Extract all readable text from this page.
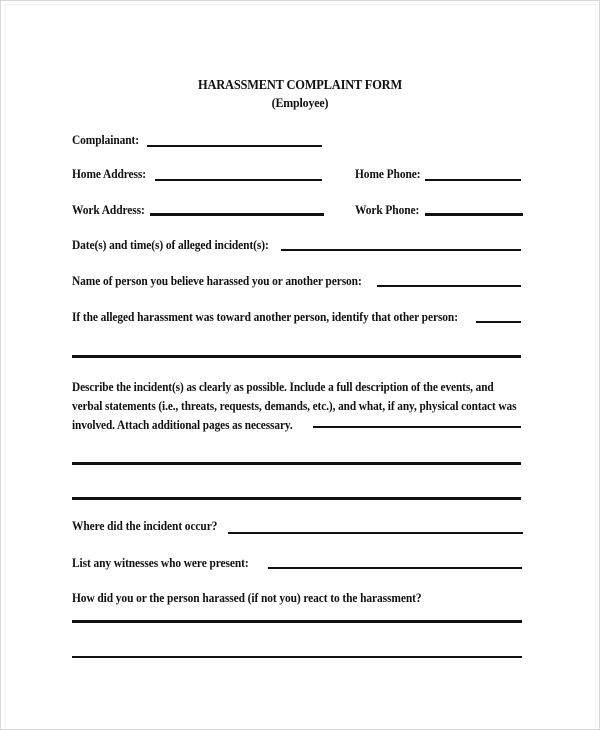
HARASSMENT COMPLAINT FORM
(Employee)
Complainant:
Home Address:	Home Phone:
Work Address:	Work Phone:
Date(s) and time(s) of alleged incident(s):
Name of person you believe harassed you or another person:
If the alleged harassment was toward another person, identify that other person:
Describe the incident(s) as clearly as possible. Include a full description of the events, and
verbal statements (i.e., threats, requests, demands, etc.), and what, if any, physical contact was
involved. Attach additional pages as necessary.
Where did the incident occur?
List any witnesses who were present:
How did you or the person harassed (if not you) react to the harassment?
